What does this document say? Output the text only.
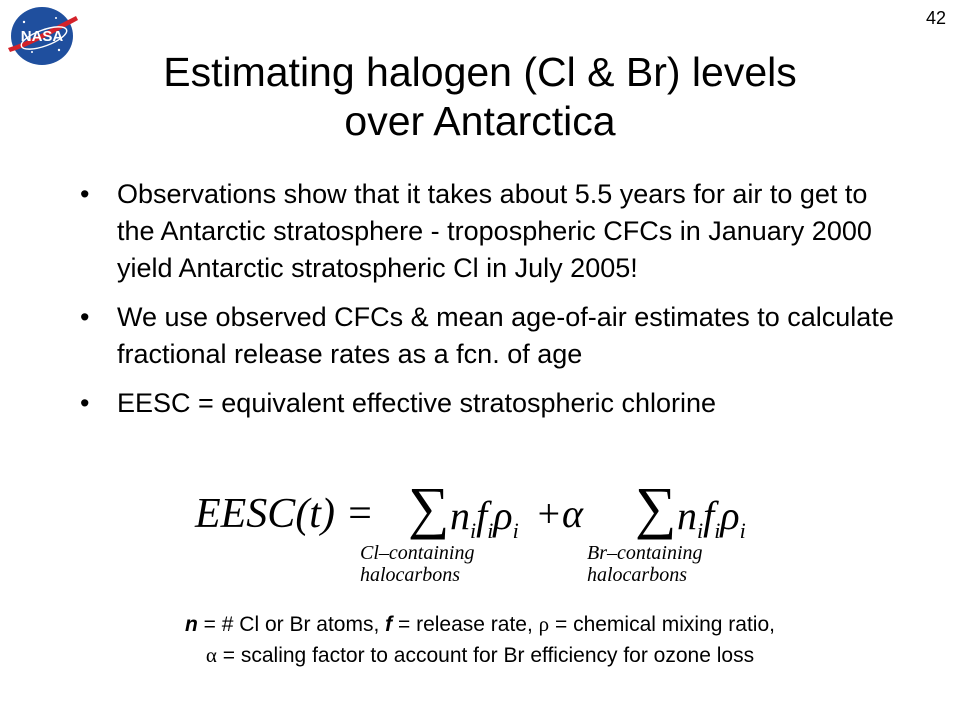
NASA
42
Estimating halogen (Cl & Br) levels
over Antarctica
• Observations show that it takes about 5.5 years for air to get to the Antarctic stratosphere - tropospheric CFCs in January 2000 yield Antarctic stratospheric Cl in July 2005!
• We use observed CFCs & mean age-of-air estimates to calculate fractional release rates as a fcn. of age
• EESC = equivalent effective stratospheric chlorine
EESC(t) = ∑ $n_if_i\rho_i +\alpha$ ∑ $n_if_i\rho_i$
Cl–containing
halocarbons
Br–containing
halocarbons
n = # Cl or Br atoms, f = release rate, ρ = chemical mixing ratio,
α = scaling factor to account for Br efficiency for ozone loss
